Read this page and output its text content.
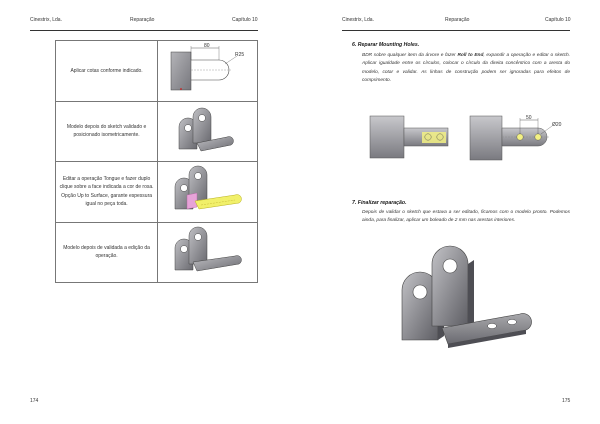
Cinestrix, Lda.	Reparação	Capítulo 10
Aplicar cotas conforme indicado.	80
R25

Modelo depois do sketch validado e posicionado isometricamente.	
Editar a operação Tongue e fazer duplo clique sobre a face indicada a cor de rosa. Opção Up to Surface, garante espessura igual no peça toda.	
Modelo depois de validada a edição da operação.	
174
Cinestrix, Lda.	Reparação	Capítulo 10
6. Reparar Mounting Holes.
BDR sobre qualquer item da árvore e fazer Roll to End, expandir a operação e editar o sketch. Aplicar igualdade entre os círculos, colocar o círculo da direita concêntrico com a aresta do modelo, cotar e validar. As linhas de construção podem ser ignoradas para efeitos de comprimento.
50
Ø20
7. Finalizar reparação.
Depois de validar o sketch que estava a ser editado, ficamos com o modelo pronto. Podemos ainda, para finalizar, aplicar um boleado de 2 mm nas arestas interiores.
175
